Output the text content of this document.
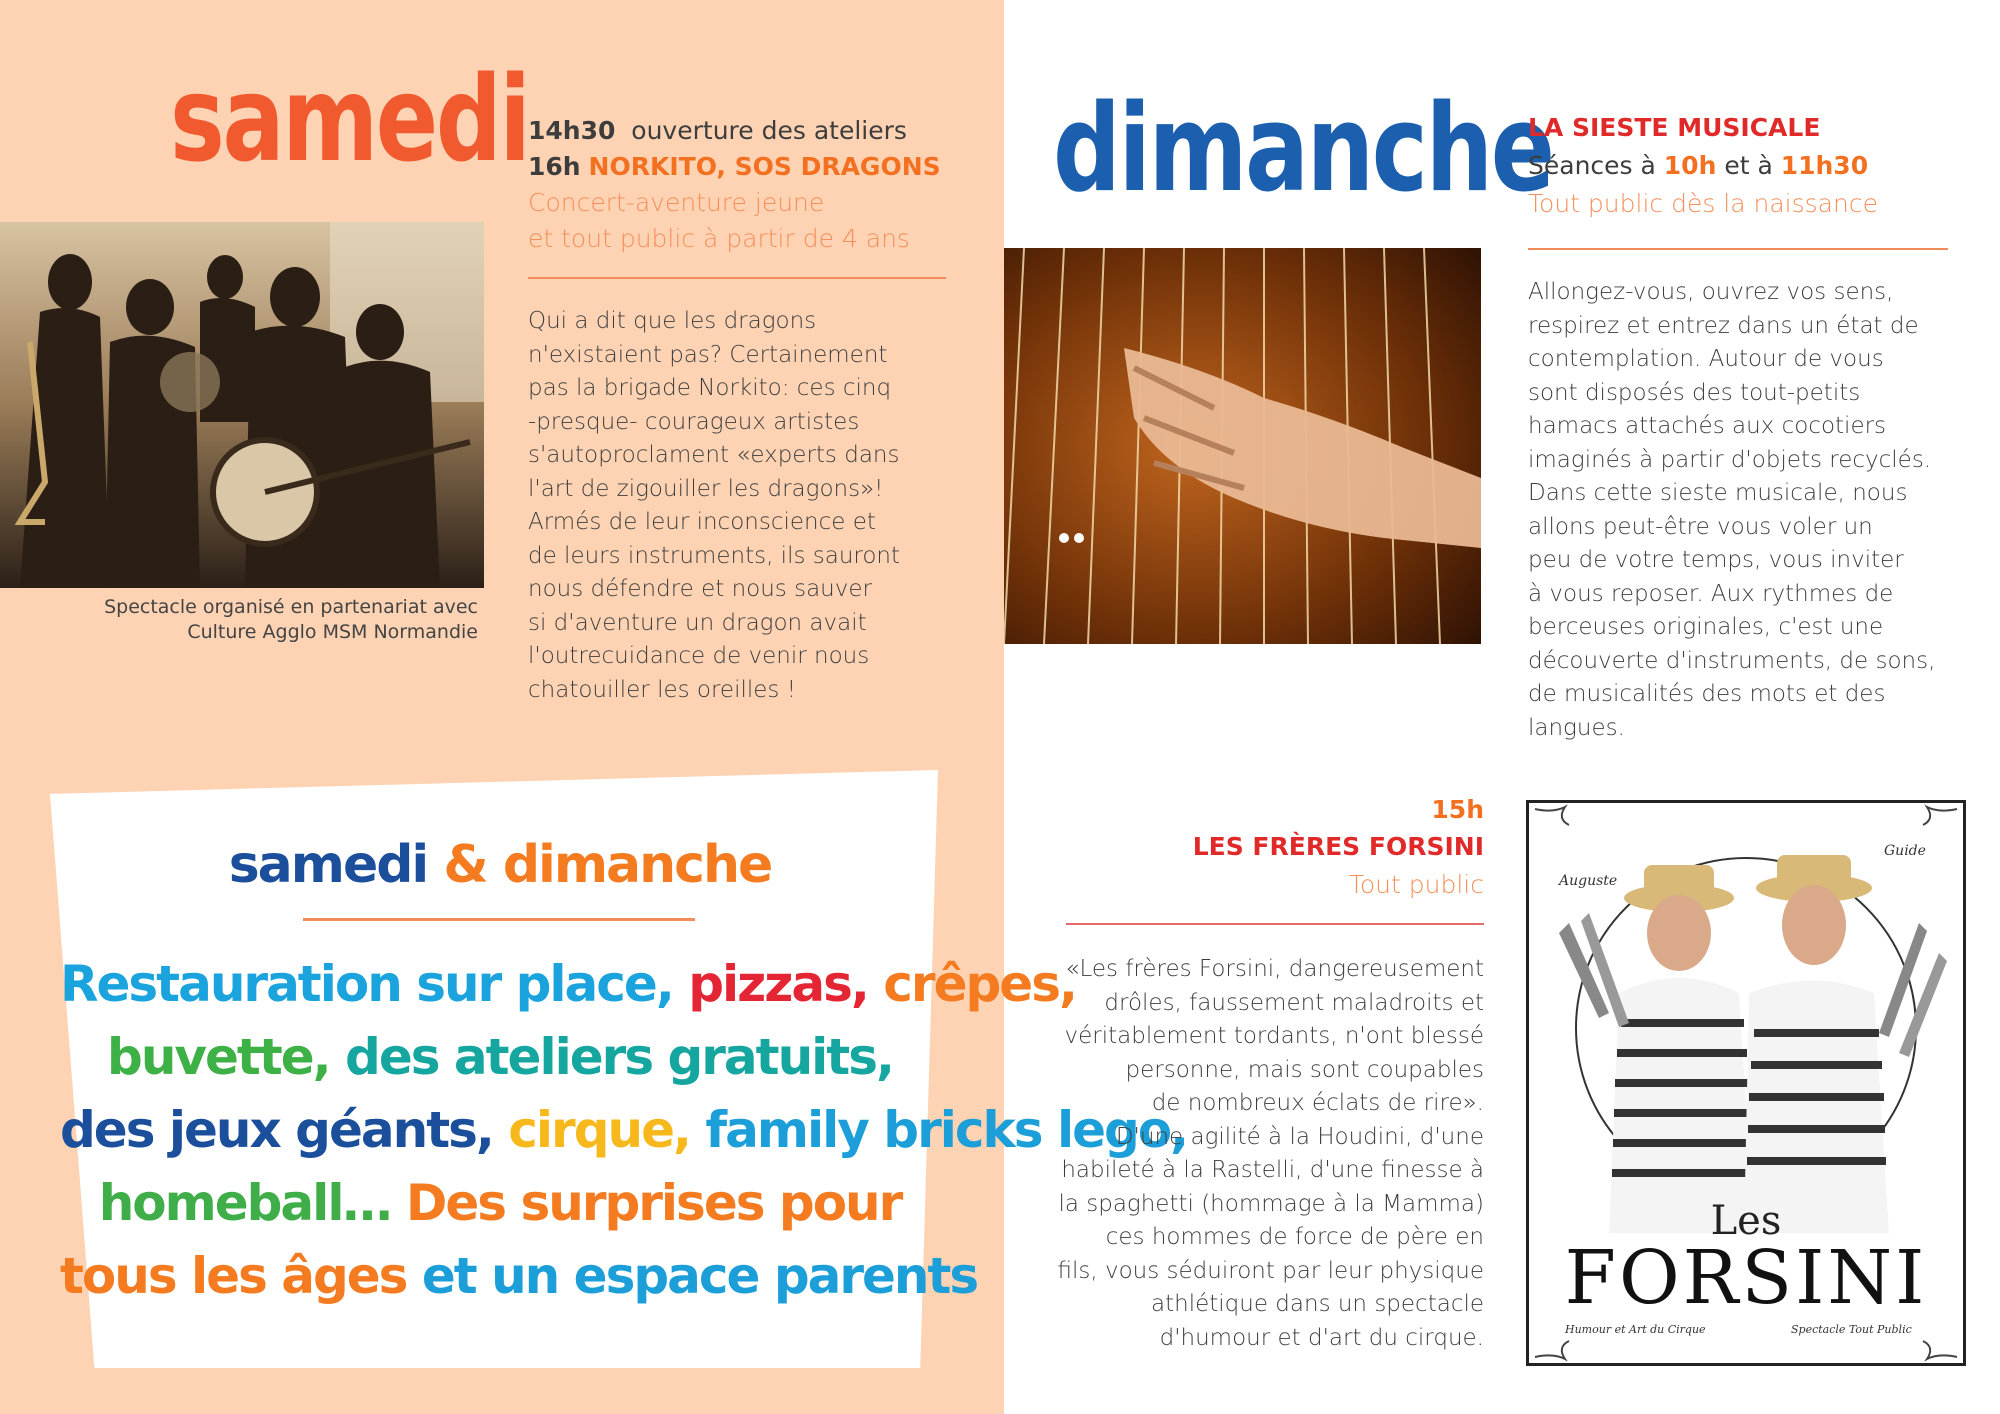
samedi
Spectacle organisé en partenariat avec
Culture Agglo MSM Normandie
14h30 ouverture des ateliers
16h NORKITO, SOS DRAGONS
Concert-aventure jeune
et tout public à partir de 4 ans
Qui a dit que les dragons
n'existaient pas? Certainement
pas la brigade Norkito: ces cinq
-presque- courageux artistes
s'autoproclament «experts dans
l'art de zigouiller les dragons»!
Armés de leur inconscience et
de leurs instruments, ils sauront
nous défendre et nous sauver
si d'aventure un dragon avait
l'outrecuidance de venir nous
chatouiller les oreilles !
samedi & dimanche
Restauration sur place, pizzas, crêpes,
buvette, des ateliers gratuits,
des jeux géants, cirque, family bricks lego,
homeball… Des surprises pour
tous les âges et un espace parents
dimanche
LA SIESTE MUSICALE
Séances à 10h et à 11h30
Tout public dès la naissance
Allongez-vous, ouvrez vos sens,
respirez et entrez dans un état de
contemplation. Autour de vous
sont disposés des tout-petits
hamacs attachés aux cocotiers
imaginés à partir d'objets recyclés.
Dans cette sieste musicale, nous
allons peut-être vous voler un
peu de votre temps, vous inviter
à vous reposer. Aux rythmes de
berceuses originales, c'est une
découverte d'instruments, de sons,
de musicalités des mots et des
langues.
15h
LES FRÈRES FORSINI
Tout public
«Les frères Forsini, dangereusement
drôles, faussement maladroits et
véritablement tordants, n'ont blessé
personne, mais sont coupables
de nombreux éclats de rire».
D'une agilité à la Houdini, d'une
habileté à la Rastelli, d'une finesse à
la spaghetti (hommage à la Mamma)
ces hommes de force de père en
fils, vous séduiront par leur physique
athlétique dans un spectacle
d'humour et d'art du cirque.
Auguste
Guide
Les
FORSINI
Humour et Art du Cirque	Spectacle Tout Public
